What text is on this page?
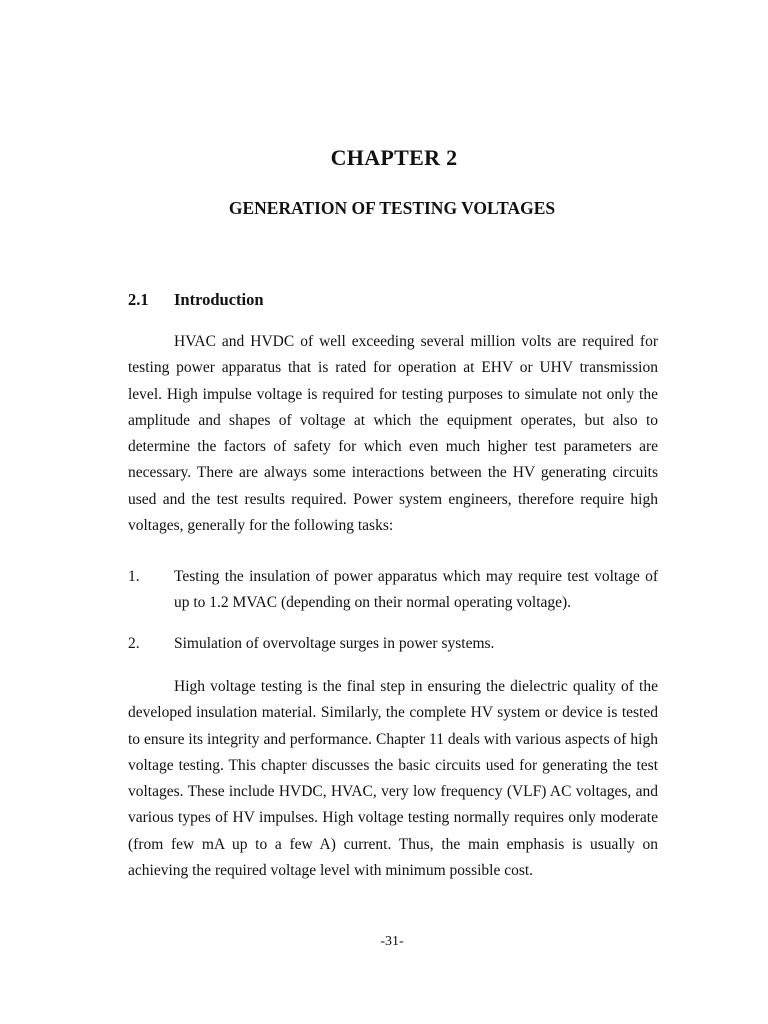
CHAPTER 2
GENERATION OF TESTING VOLTAGES
2.1 Introduction

HVAC and HVDC of well exceeding several million volts are required for testing power apparatus that is rated for operation at EHV or UHV transmission level. High impulse voltage is required for testing purposes to simulate not only the amplitude and shapes of voltage at which the equipment operates, but also to determine the factors of safety for which even much higher test parameters are necessary. There are always some interactions between the HV generating circuits used and the test results required. Power system engineers, therefore require high voltages, generally for the following tasks:

1. Testing the insulation of power apparatus which may require test voltage of up to 1.2 MVAC (depending on their normal operating voltage).
2. Simulation of overvoltage surges in power systems.

High voltage testing is the final step in ensuring the dielectric quality of the developed insulation material. Similarly, the complete HV system or device is tested to ensure its integrity and performance. Chapter 11 deals with various aspects of high voltage testing. This chapter discusses the basic circuits used for generating the test voltages. These include HVDC, HVAC, very low frequency (VLF) AC voltages, and various types of HV impulses. High voltage testing normally requires only moderate (from few mA up to a few A) current. Thus, the main emphasis is usually on achieving the required voltage level with minimum possible cost.

-31-
